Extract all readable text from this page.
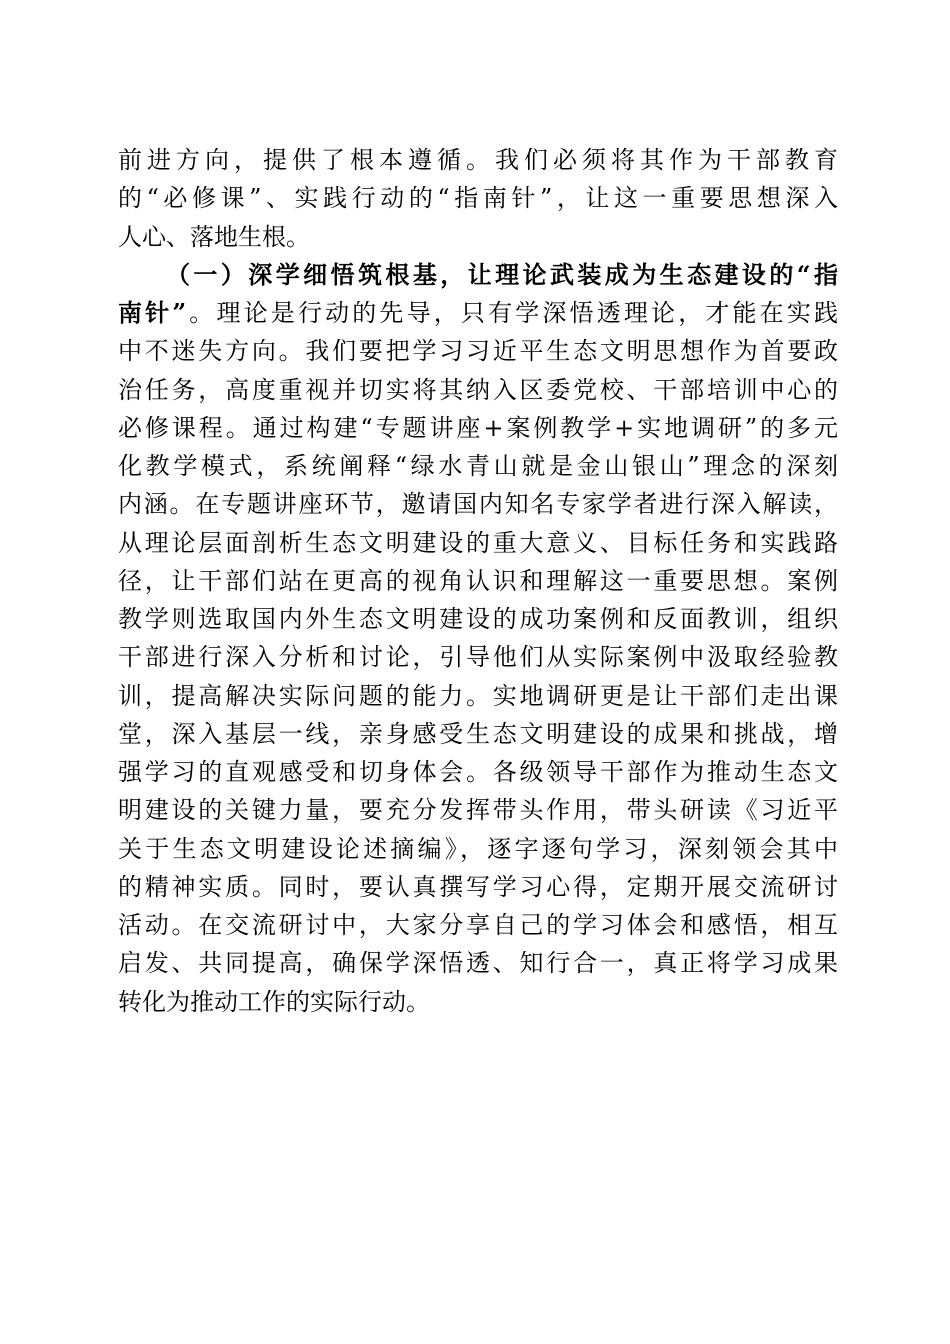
前进方向，提供了根本遵循。我们必须将其作为干部教育
的“必修课”、实践行动的“指南针”，让这一重要思想深入
人心、落地生根。
（一）深学细悟筑根基，让理论武装成为生态建设的“指
南针”。理论是行动的先导，只有学深悟透理论，才能在实践
中不迷失方向。我们要把学习习近平生态文明思想作为首要政
治任务，高度重视并切实将其纳入区委党校、干部培训中心的
必修课程。通过构建“专题讲座+案例教学+实地调研”的多元
化教学模式，系统阐释“绿水青山就是金山银山”理念的深刻
内涵。在专题讲座环节，邀请国内知名专家学者进行深入解读，
从理论层面剖析生态文明建设的重大意义、目标任务和实践路
径，让干部们站在更高的视角认识和理解这一重要思想。案例
教学则选取国内外生态文明建设的成功案例和反面教训，组织
干部进行深入分析和讨论，引导他们从实际案例中汲取经验教
训，提高解决实际问题的能力。实地调研更是让干部们走出课
堂，深入基层一线，亲身感受生态文明建设的成果和挑战，增
强学习的直观感受和切身体会。各级领导干部作为推动生态文
明建设的关键力量，要充分发挥带头作用，带头研读《习近平
关于生态文明建设论述摘编》，逐字逐句学习，深刻领会其中
的精神实质。同时，要认真撰写学习心得，定期开展交流研讨
活动。在交流研讨中，大家分享自己的学习体会和感悟，相互
启发、共同提高，确保学深悟透、知行合一，真正将学习成果
转化为推动工作的实际行动。
